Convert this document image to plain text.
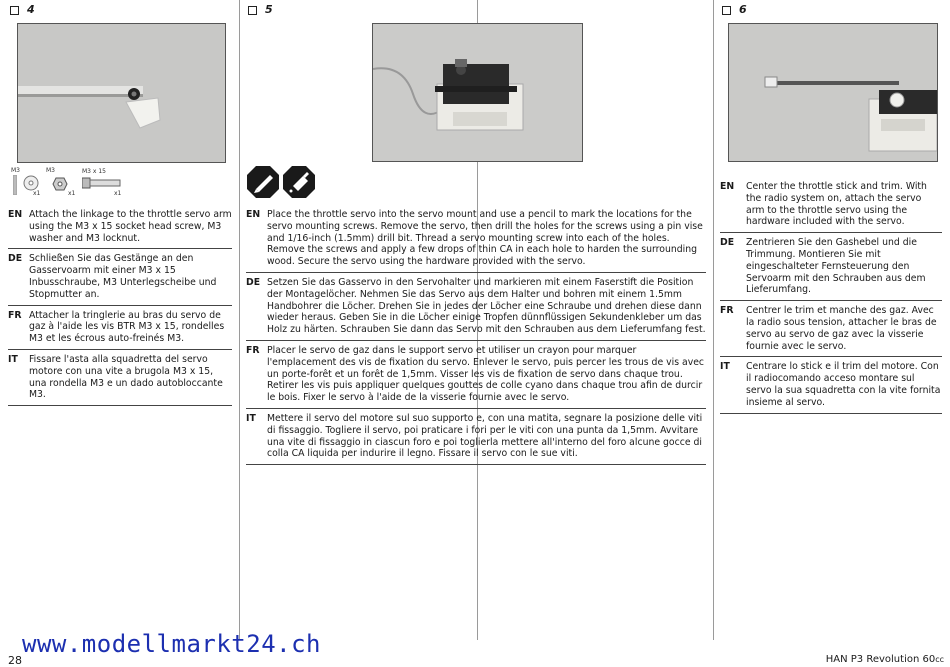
4	5	6
M3	M3
x1	x1
M3 x 15
x1
EN Attach the linkage to the throttle servo arm using the M3 x 15 socket head screw, M3 washer and M3 locknut.
DE Schließen Sie das Gestänge an den Gasservoarm mit einer M3 x 15 Inbusschraube, M3 Unterlegscheibe und Stopmutter an.
FR Attacher la tringlerie au bras du servo de gaz à l'aide les vis BTR M3 x 15, rondelles M3 et les écrous auto-freinés M3.
IT Fissare l'asta alla squadretta del servo motore con una vite a brugola M3 x 15, una rondella M3 e un dado autobloccante M3.
EN Place the throttle servo into the servo mount and use a pencil to mark the locations for the servo mounting screws. Remove the servo, then drill the holes for the screws using a pin vise and 1/16-inch (1.5mm) drill bit. Thread a servo mounting screw into each of the holes. Remove the screws and apply a few drops of thin CA in each hole to harden the surrounding wood. Secure the servo using the hardware provided with the servo.
DE Setzen Sie das Gasservo in den Servohalter und markieren mit einem Faserstift die Position der Montagelöcher. Nehmen Sie das Servo aus dem Halter und bohren mit einem 1.5mm Handbohrer die Löcher. Drehen Sie in jedes der Löcher eine Schraube und drehen diese dann wieder heraus. Geben Sie in die Löcher einige Tropfen dünnflüssigen Sekundenkleber um das Holz zu härten. Schrauben Sie dann das Servo mit den Schrauben aus dem Lieferumfang fest.
FR Placer le servo de gaz dans le support servo et utiliser un crayon pour marquer l'emplacement des vis de fixation du servo. Enlever le servo, puis percer les trous de vis avec un porte-forêt et un forêt de 1,5mm. Visser les vis de fixation de servo dans chaque trou. Retirer les vis puis appliquer quelques gouttes de colle cyano dans chaque trou afin de durcir le bois. Fixer le servo à l'aide de la visserie fournie avec le servo.
IT Mettere il servo del motore sul suo supporto e, con una matita, segnare la posizione delle viti di fissaggio. Togliere il servo, poi praticare i fori per le viti con una punta da 1,5mm. Avvitare una vite di fissaggio in ciascun foro e poi toglierla mettere all'interno del foro alcune gocce di colla CA liquida per indurire il legno. Fissare il servo con le sue viti.
EN Center the throttle stick and trim. With the radio system on, attach the servo arm to the throttle servo using the hardware included with the servo.
DE Zentrieren Sie den Gashebel und die Trimmung. Montieren Sie mit eingeschalteter Fernsteuerung den Servoarm mit den Schrauben aus dem Lieferumfang.
FR Centrer le trim et manche des gaz. Avec la radio sous tension, attacher le bras de servo au servo de gaz avec la visserie fournie avec le servo.
IT Centrare lo stick e il trim del motore. Con il radiocomando acceso montare sul servo la sua squadretta con la vite fornita insieme al servo.
www.modellmarkt24.ch
28	HAN P3 Revolution 60cc
